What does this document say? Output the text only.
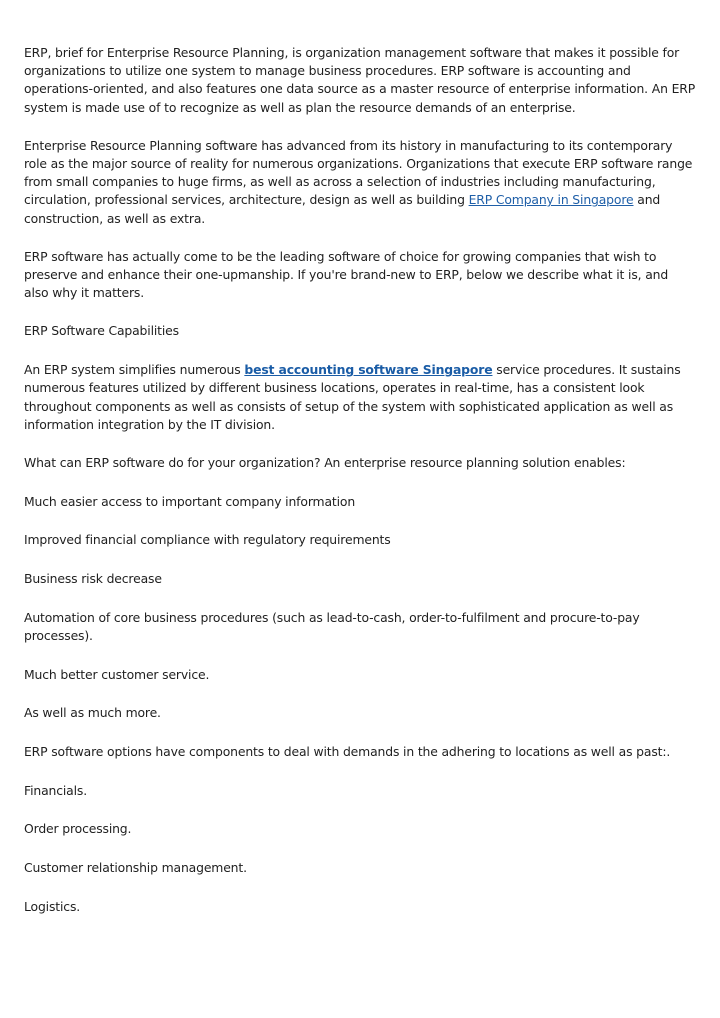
ERP, brief for Enterprise Resource Planning, is organization management software that makes it possible for organizations to utilize one system to manage business procedures. ERP software is accounting and operations-oriented, and also features one data source as a master resource of enterprise information. An ERP system is made use of to recognize as well as plan the resource demands of an enterprise.

Enterprise Resource Planning software has advanced from its history in manufacturing to its contemporary role as the major source of reality for numerous organizations. Organizations that execute ERP software range from small companies to huge firms, as well as across a selection of industries including manufacturing, circulation, professional services, architecture, design as well as building ERP Company in Singapore and construction, as well as extra.

ERP software has actually come to be the leading software of choice for growing companies that wish to preserve and enhance their one-upmanship. If you're brand-new to ERP, below we describe what it is, and also why it matters.

ERP Software Capabilities

An ERP system simplifies numerous best accounting software Singapore service procedures. It sustains numerous features utilized by different business locations, operates in real-time, has a consistent look throughout components as well as consists of setup of the system with sophisticated application as well as information integration by the IT division.

What can ERP software do for your organization? An enterprise resource planning solution enables:

Much easier access to important company information

Improved financial compliance with regulatory requirements

Business risk decrease

Automation of core business procedures (such as lead-to-cash, order-to-fulfilment and procure-to-pay processes).

Much better customer service.

As well as much more.

ERP software options have components to deal with demands in the adhering to locations as well as past:.

Financials.

Order processing.

Customer relationship management.

Logistics.
